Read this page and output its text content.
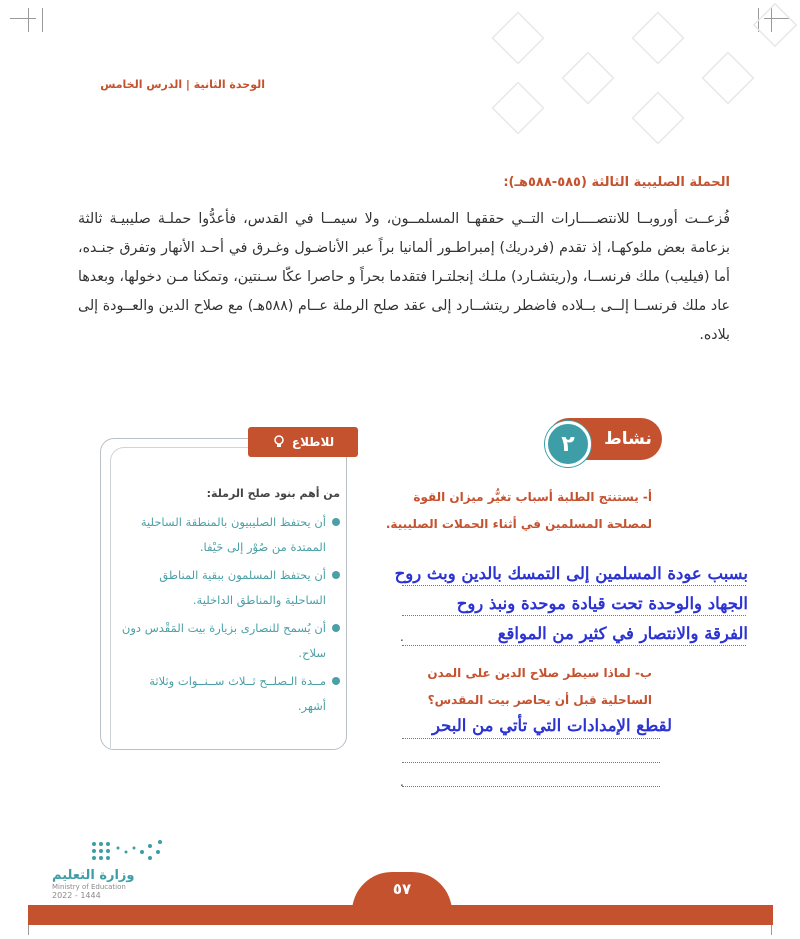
الوحدة الثانية | الدرس الخامس
الحملة الصليبية الثالثة (٥٨٥-٥٨٨هـ):
فُزعــت أوروبــا للانتصــــارات التــي حققهـا المسلمــون، ولا سيمــا في القدس، فأعدُّوا حملـة صليبيـة ثالثة بزعامة بعض ملوكهـا، إذ تقدم (فردريك) إمبراطـور ألمانيا براً عبر الأناضـول وغـرق في أحـد الأنهار وتفرق جنـده، أما (فيليب) ملك فرنســا، و(ريتشـارد) ملـك إنجلتـرا فتقدما بحراً و حاصرا عكّا سـنتين، وتمكنا مـن دخولها، وبعدها عاد ملك فرنســا إلــى بــلاده فاضطر ريتشــارد إلى عقد صلح الرملة عــام (٥٨٨هـ) مع صلاح الدين والعــودة إلى بلاده.
للاطلاع
من أهم بنود صلح الرملة:
أن يحتفظ الصليبيون بالمنطقة الساحلية الممتدة من صُوْر إلى حَيْفا.
أن يحتفظ المسلمون ببقية المناطق الساحلية والمناطق الداخلية.
أن يُسمح للنصارى بزيارة بيت المَقْدس دون سلاح.
مــدة الـصلــح ثــلاث ســنــوات وثلاثة أشهر.
نشاط
٢
أ- يستنتج الطلبة أسباب تغيُّر ميزان القوة لمصلحة المسلمين في أثناء الحملات الصليبية.
بسبب عودة المسلمين إلى التمسك بالدين وبث روح
الجهاد والوحدة تحت قيادة موحدة ونبذ روح
الفرقة والانتصار في كثير من المواقع
.
ب- لماذا سيطر صلاح الدين على المدن الساحلية قبل أن يحاصر بيت المقدس؟
لقطع الإمدادات التي تأتي من البحر
.
٥٧
وزارة التعليم
Ministry of Education
2022 - 1444
